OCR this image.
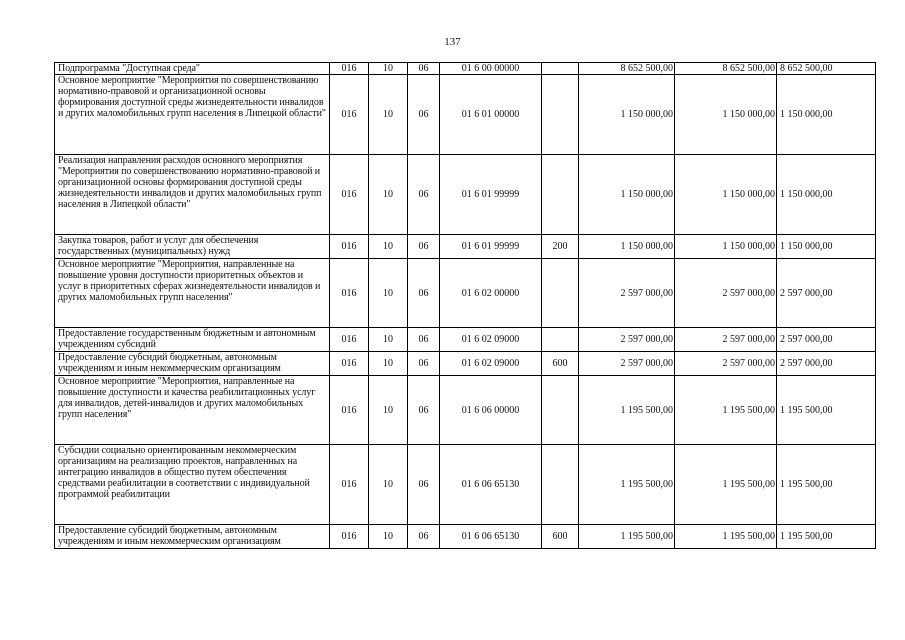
137
Подпрограмма "Доступная среда"	016	10	06	01 6 00 00000		8 652 500,00	8 652 500,00	8 652 500,00
Основное мероприятие "Мероприятия по совершенствованию нормативно-правовой и организационной основы формирования доступной среды жизнедеятельности инвалидов и других маломобильных групп населения в Липецкой области"	016	10	06	01 6 01 00000		1 150 000,00	1 150 000,00	1 150 000,00
Реализация направления расходов основного мероприятия "Мероприятия по совершенствованию нормативно-правовой и организационной основы формирования доступной среды жизнедеятельности инвалидов и других маломобильных групп населения в Липецкой области"	016	10	06	01 6 01 99999		1 150 000,00	1 150 000,00	1 150 000,00
Закупка товаров, работ и услуг для обеспечения государственных (муниципальных) нужд	016	10	06	01 6 01 99999	200	1 150 000,00	1 150 000,00	1 150 000,00
Основное мероприятие "Мероприятия, направленные на повышение уровня доступности приоритетных объектов и услуг в приоритетных сферах жизнедеятельности инвалидов и других маломобильных групп населения"	016	10	06	01 6 02 00000		2 597 000,00	2 597 000,00	2 597 000,00
Предоставление государственным бюджетным и автономным учреждениям субсидий	016	10	06	01 6 02 09000		2 597 000,00	2 597 000,00	2 597 000,00
Предоставление субсидий бюджетным, автономным учреждениям и иным некоммерческим организациям	016	10	06	01 6 02 09000	600	2 597 000,00	2 597 000,00	2 597 000,00
Основное мероприятие "Мероприятия, направленные на повышение доступности и качества реабилитационных услуг для инвалидов, детей-инвалидов и других маломобильных групп населения"	016	10	06	01 6 06 00000		1 195 500,00	1 195 500,00	1 195 500,00
Субсидии социально ориентированным некоммерческим организациям на реализацию проектов, направленных на интеграцию инвалидов в общество путем обеспечения средствами реабилитации в соответствии с индивидуальной программой реабилитации	016	10	06	01 6 06 65130		1 195 500,00	1 195 500,00	1 195 500,00
Предоставление субсидий бюджетным, автономным учреждениям и иным некоммерческим организациям	016	10	06	01 6 06 65130	600	1 195 500,00	1 195 500,00	1 195 500,00
